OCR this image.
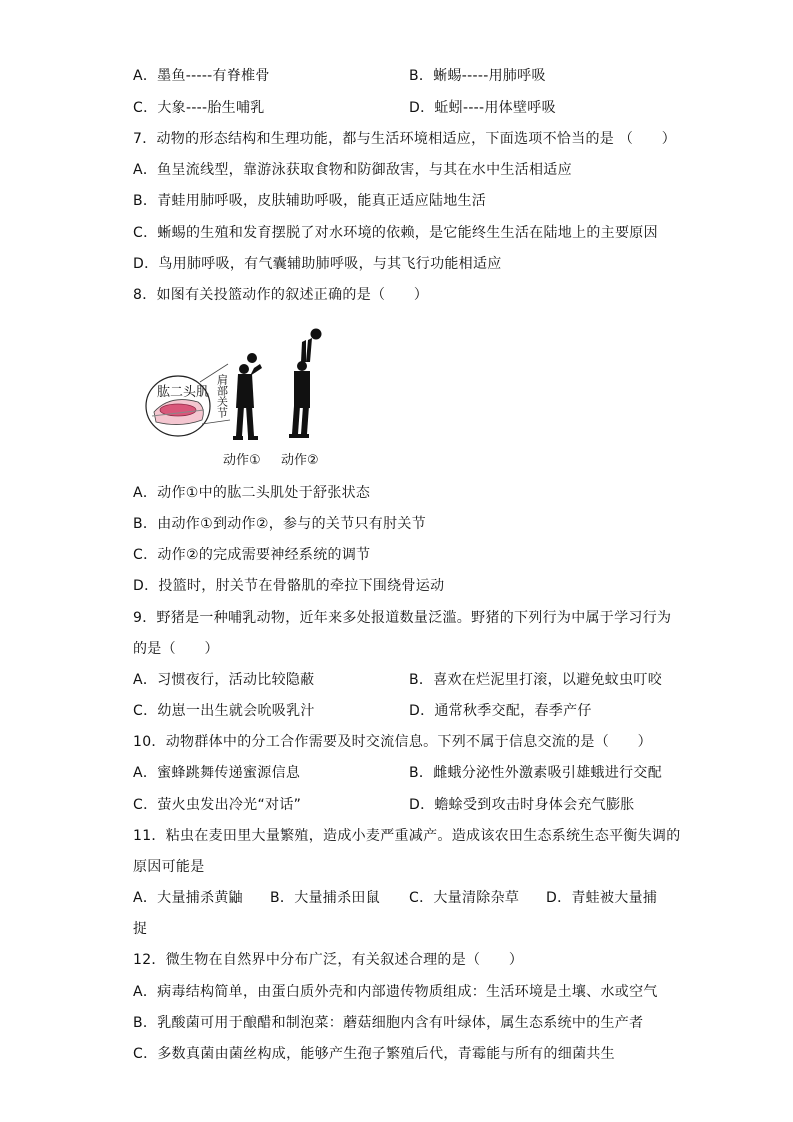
A．墨鱼-----有脊椎骨	B．蜥蜴-----用肺呼吸
C．大象----胎生哺乳	D．蚯蚓----用体壁呼吸
7．动物的形态结构和生理功能，都与生活环境相适应，下面选项不恰当的是 （　　）
A．鱼呈流线型，靠游泳获取食物和防御敌害，与其在水中生活相适应
B．青蛙用肺呼吸，皮肤辅助呼吸，能真正适应陆地生活
C．蜥蜴的生殖和发育摆脱了对水环境的依赖，是它能终生生活在陆地上的主要原因
D．鸟用肺呼吸，有气囊辅助肺呼吸，与其飞行功能相适应
8．如图有关投篮动作的叙述正确的是（　　）
肱二头肌 肩部关节
动作① 动作②
A．动作①中的肱二头肌处于舒张状态
B．由动作①到动作②，参与的关节只有肘关节
C．动作②的完成需要神经系统的调节
D．投篮时，肘关节在骨骼肌的牵拉下围绕骨运动
9．野猪是一种哺乳动物，近年来多处报道数量泛滥。野猪的下列行为中属于学习行为
的是（　　）
A．习惯夜行，活动比较隐蔽	B．喜欢在烂泥里打滚，以避免蚊虫叮咬
C．幼崽一出生就会吮吸乳汁	D．通常秋季交配，春季产仔
10．动物群体中的分工合作需要及时交流信息。下列不属于信息交流的是（　　）
A．蜜蜂跳舞传递蜜源信息	B．雌蛾分泌性外激素吸引雄蛾进行交配
C．萤火虫发出冷光“对话”	D．蟾蜍受到攻击时身体会充气膨胀
11．粘虫在麦田里大量繁殖，造成小麦严重减产。造成该农田生态系统生态平衡失调的
原因可能是
A．大量捕杀黄鼬 B．大量捕杀田鼠 C．大量清除杂草 D．青蛙被大量捕
捉
12．微生物在自然界中分布广泛，有关叙述合理的是（　　）
A．病毒结构简单，由蛋白质外壳和内部遗传物质组成：生活环境是土壤、水或空气
B．乳酸菌可用于酿醋和制泡菜：蘑菇细胞内含有叶绿体，属生态系统中的生产者
C．多数真菌由菌丝构成，能够产生孢子繁殖后代，青霉能与所有的细菌共生
